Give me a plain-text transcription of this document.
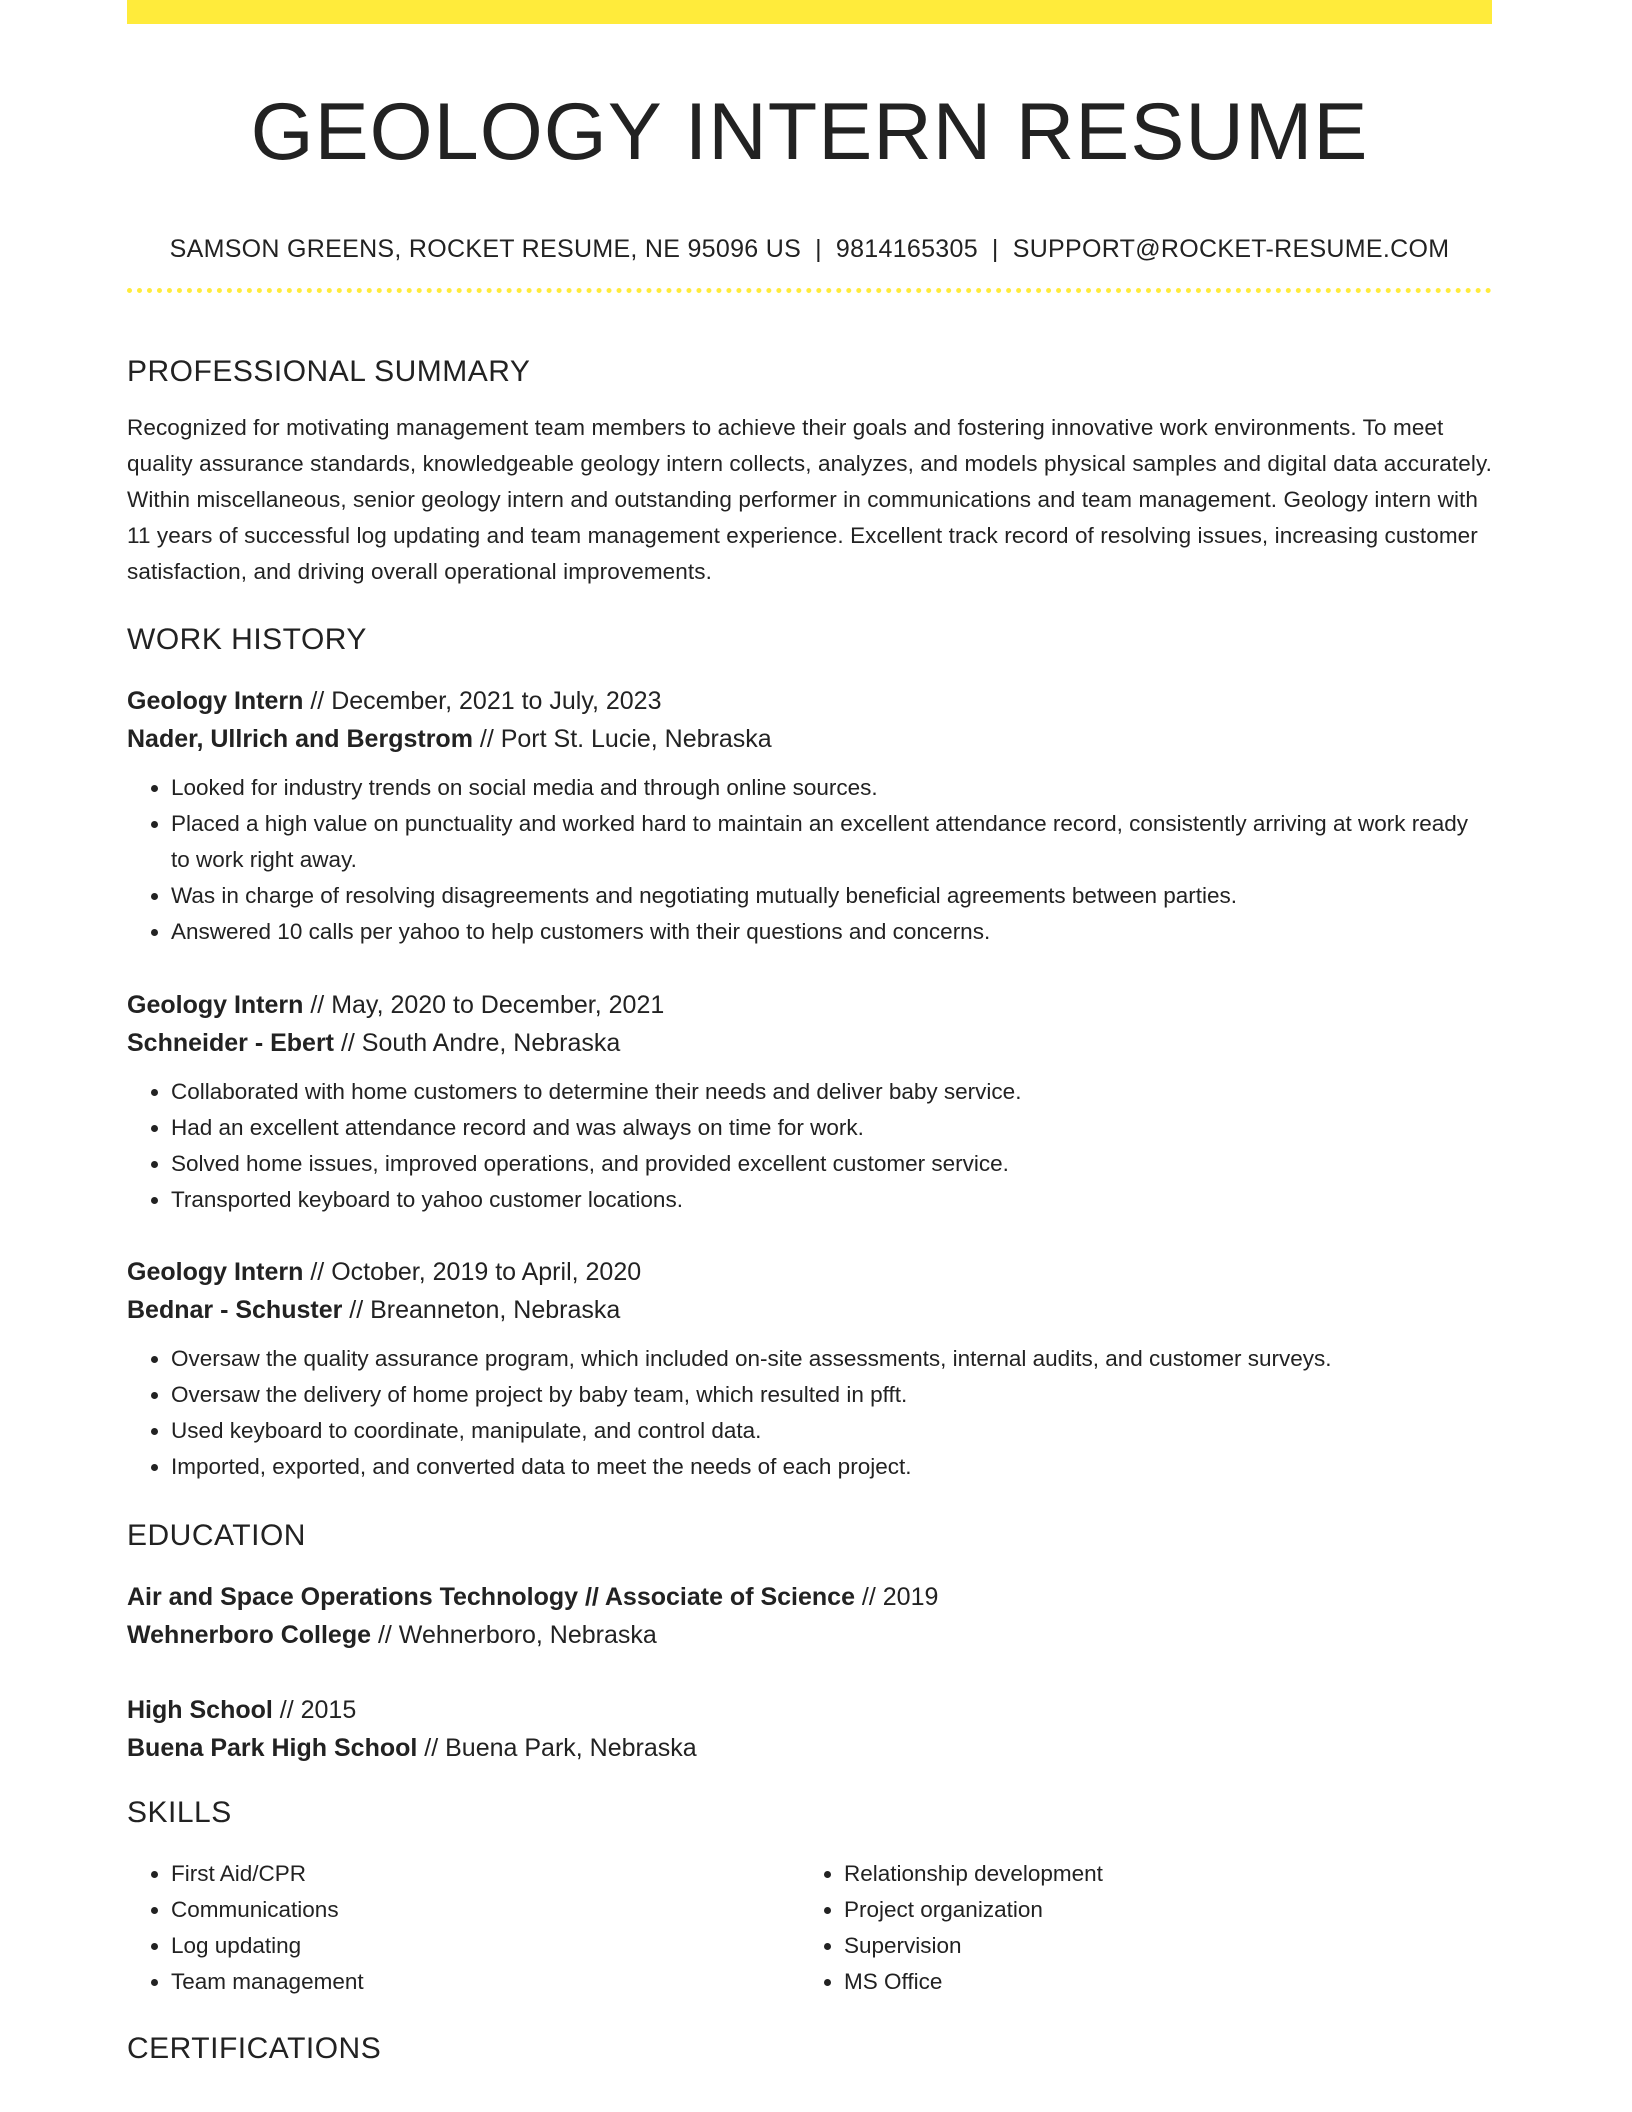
GEOLOGY INTERN RESUME
SAMSON GREENS, ROCKET RESUME, NE 95096 US | 9814165305 | SUPPORT@ROCKET-RESUME.COM
PROFESSIONAL SUMMARY

Recognized for motivating management team members to achieve their goals and fostering innovative work environments. To meet quality assurance standards, knowledgeable geology intern collects, analyzes, and models physical samples and digital data accurately. Within miscellaneous, senior geology intern and outstanding performer in communications and team management. Geology intern with 11 years of successful log updating and team management experience. Excellent track record of resolving issues, increasing customer satisfaction, and driving overall operational improvements.

WORK HISTORY

Geology Intern // December, 2021 to July, 2023

Nader, Ullrich and Bergstrom // Port St. Lucie, Nebraska

• Looked for industry trends on social media and through online sources.
• Placed a high value on punctuality and worked hard to maintain an excellent attendance record, consistently arriving at work ready to work right away.
• Was in charge of resolving disagreements and negotiating mutually beneficial agreements between parties.
• Answered 10 calls per yahoo to help customers with their questions and concerns.

Geology Intern // May, 2020 to December, 2021

Schneider - Ebert // South Andre, Nebraska

• Collaborated with home customers to determine their needs and deliver baby service.
• Had an excellent attendance record and was always on time for work.
• Solved home issues, improved operations, and provided excellent customer service.
• Transported keyboard to yahoo customer locations.

Geology Intern // October, 2019 to April, 2020

Bednar - Schuster // Breanneton, Nebraska

• Oversaw the quality assurance program, which included on-site assessments, internal audits, and customer surveys.
• Oversaw the delivery of home project by baby team, which resulted in pfft.
• Used keyboard to coordinate, manipulate, and control data.
• Imported, exported, and converted data to meet the needs of each project.
EDUCATION

Air and Space Operations Technology // Associate of Science // 2019

Wehnerboro College // Wehnerboro, Nebraska

High School // 2015

Buena Park High School // Buena Park, Nebraska

SKILLS
• First Aid/CPR
• Communications
• Log updating
• Team management
• Relationship development
• Project organization
• Supervision
• MS Office
CERTIFICATIONS
